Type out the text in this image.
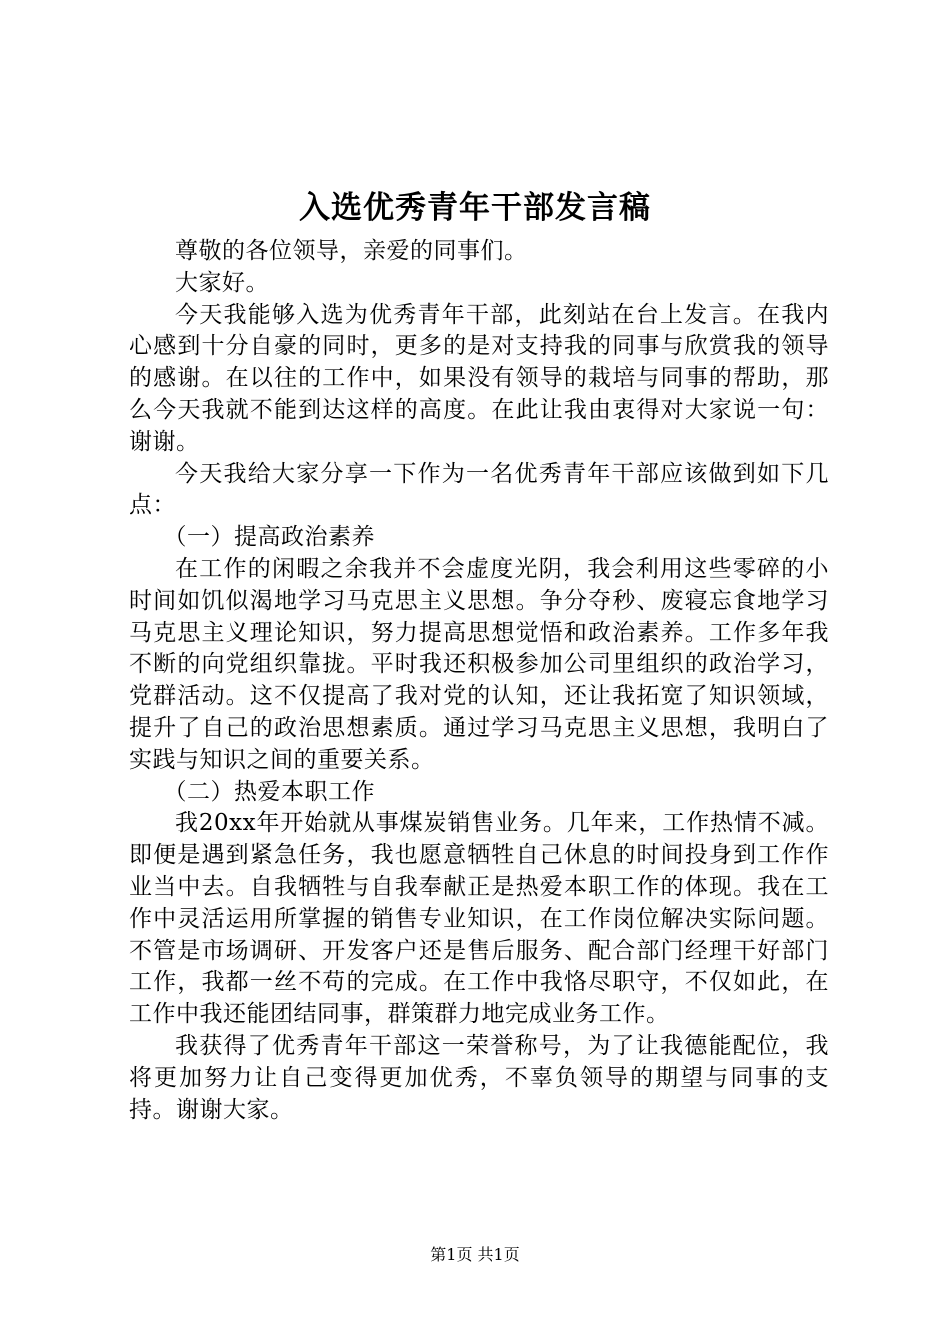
入选优秀青年干部发言稿

尊敬的各位领导，亲爱的同事们。

大家好。

今天我能够入选为优秀青年干部，此刻站在台上发言。在我内心感到十分自豪的同时，更多的是对支持我的同事与欣赏我的领导的感谢。在以往的工作中，如果没有领导的栽培与同事的帮助，那么今天我就不能到达这样的高度。在此让我由衷得对大家说一句：谢谢。

今天我给大家分享一下作为一名优秀青年干部应该做到如下几点：

（一）提高政治素养

在工作的闲暇之余我并不会虚度光阴，我会利用这些零碎的小时间如饥似渴地学习马克思主义思想。争分夺秒、废寝忘食地学习马克思主义理论知识，努力提高思想觉悟和政治素养。工作多年我不断的向党组织靠拢。平时我还积极参加公司里组织的政治学习，党群活动。这不仅提高了我对党的认知，还让我拓宽了知识领域，提升了自己的政治思想素质。通过学习马克思主义思想，我明白了实践与知识之间的重要关系。

（二）热爱本职工作

我20xx年开始就从事煤炭销售业务。几年来，工作热情不减。即便是遇到紧急任务，我也愿意牺牲自己休息的时间投身到工作作业当中去。自我牺牲与自我奉献正是热爱本职工作的体现。我在工作中灵活运用所掌握的销售专业知识，在工作岗位解决实际问题。不管是市场调研、开发客户还是售后服务、配合部门经理干好部门工作，我都一丝不苟的完成。在工作中我恪尽职守，不仅如此，在工作中我还能团结同事，群策群力地完成业务工作。

我获得了优秀青年干部这一荣誉称号，为了让我德能配位，我将更加努力让自己变得更加优秀，不辜负领导的期望与同事的支持。谢谢大家。

第1页 共1页
